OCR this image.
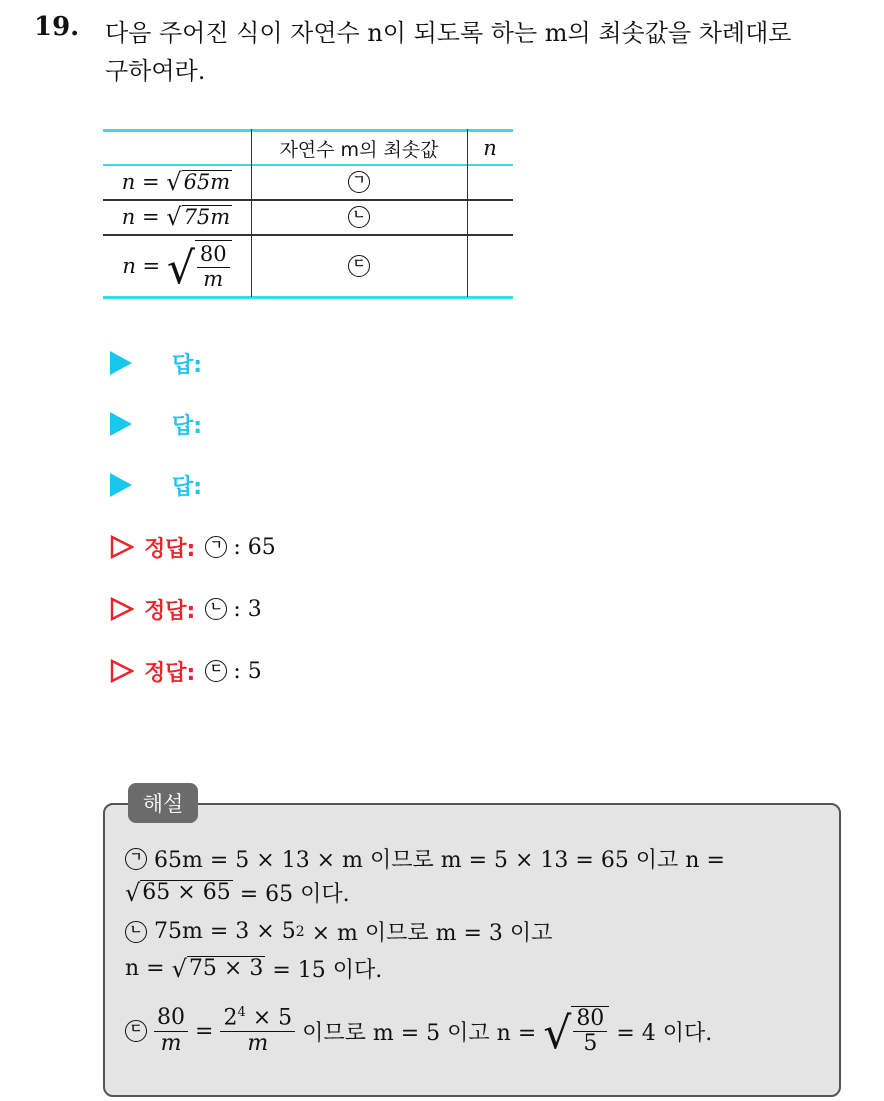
19. 다음 주어진 식이 자연수 n이 되도록 하는 m의 최솟값을 차례대로
구하여라.
자연수 m의 최솟값	n
n =
√ 65m	ㄱ
n =
√ 75m	ㄴ
n =
√ $\frac{80}{m}$	ㄷ
답:
답:
답:
정답: ㄱ : 65
정답: ㄴ : 3
정답: ㄷ : 5
해설
ㄱ
65m = 5 × 13 × m 이므로 m = 5 × 13 = 65 이고 n =
√ 65 × 65
= 65 이다.
ㄴ
75m = 3 × 5 2
× m 이므로 m = 3 이고
n =
√ 75 × 3
= 15 이다.
ㄷ
$\frac{80}{m}$
=
$\frac{2^4 \times 5}{m}$
이므로 m = 5 이고 n =
√ $\frac{80}{5}$
= 4 이다.
